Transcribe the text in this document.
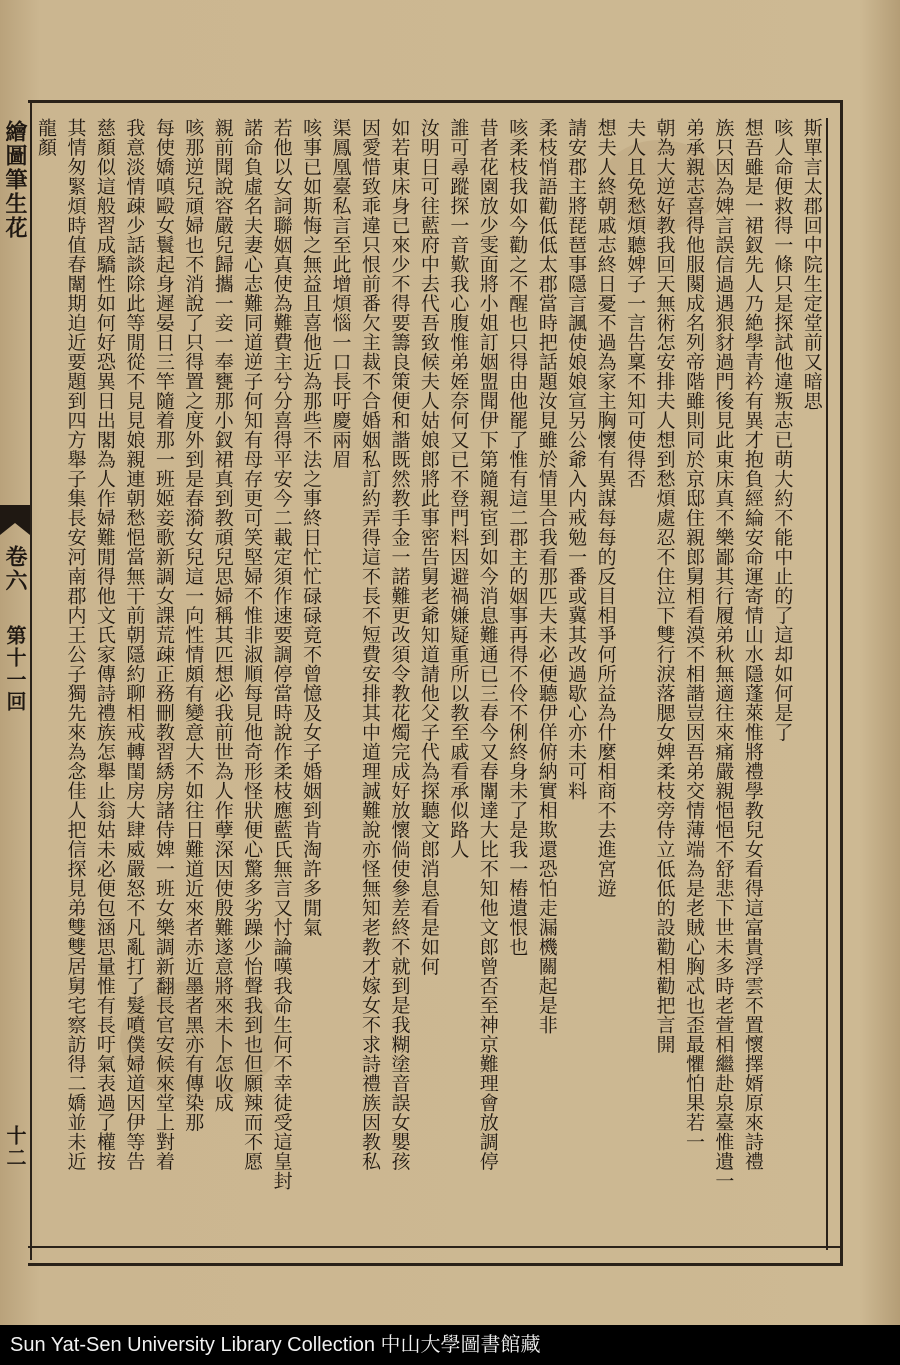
繪圖筆生花
卷六
第十一回
十二
斯單言太郡回中院生定堂前又暗思
咳人命便救得一條只是探試他違叛志已萌大約不能中止的了這却如何是了
想吾雖是一裙釵先人乃絶學青衿有異才抱負經綸安命運寄情山水隱蓬萊惟將禮學教兒女看得這富貴浮雲不置懷擇婿原來詩禮
族只因為婢言誤信過遇狠豺過門後見此東床真不樂鄙其行履弟秋無適往來痛嚴親悒悒不舒悲下世未多時老萱相繼赴泉臺惟遺一
弟承親志喜得他服闋成名列帝階雖則同於京邸住親郎舅相看漠不相諧豈因吾弟交情薄端為是老賊心胸忒也歪最懼怕果若一
朝為大逆好教我回天無術怎安排夫人想到愁煩處忍不住泣下雙行淚落腮女婢柔枝旁侍立低低的設勸相勸把言開
夫人且免愁煩聽婢子一言告稟不知可使得否
想夫人終朝戚志終日憂不過為家主胸懷有異謀每每的反目相爭何所益為什麼相商不去進宮遊
請安郡主將琵琶事隱言諷使娘娘宣另公爺入内戒勉一番或冀其改過歇心亦未可料
柔枝悄語勸低低太郡當時把話題汝見雖於情里合我看那匹夫未必便聽伊佯俯納實相欺還恐怕走漏機關起是非
咳柔枝我如今勸之不醒也只得由他罷了惟有這二郡主的姻事再得不伶不俐終身未了是我一樁遺恨也
昔者花園放少雯面將小姐訂姻盟聞伊下第隨親宦到如今消息難通已三春今又春闈達大比不知他文郎曾否至神京難理會放調停
誰可尋蹤探一音歎我心腹惟弟姪奈何又已不登門料因避禍嫌疑重所以教至戚看承似路人
汝明日可往藍府中去代吾致候夫人姑娘郎將此事密告舅老爺知道請他父子代為探聽文郎消息看是如何
如若東床身已來少不得要籌良策便和諧既然教手金一諾難更改須令教花燭完成好放懷倘使參差終不就到是我糊塗音誤女嬰孩
因愛惜致乖違只恨前番欠主裁不合婚姻私訂約弄得這不長不短費安排其中道理誠難說亦怪無知老教才嫁女不求詩禮族因教私
渠鳳凰臺私言至此增煩惱一口長吁慶兩眉
咳事已如斯悔之無益且喜他近為那些不法之事終日忙忙碌碌竟不曾憶及女子婚姻到肯淘許多閒氣
若他以女詞聯姻真使為難費主兮分喜得平安今二載定須作速要調停當時說作柔枝應藍氏無言又忖論嘆我命生何不幸徒受這皇封
諾命負虛名夫妻心志難同道逆子何知有母存更可笑堅婦不惟非淑順每見他奇形怪狀便心驚多劣躁少怡聲我到也但願辣而不愿
親前聞說容嚴兒歸攜一妾一奉甕那小釵裙真到教頑兒思婦稱其匹想必我前世為人作孽深因使殷難遂意將來未卜怎收成
咳那逆兒頑婦也不消說了只得置之度外到是春漪女兒這一向性情頗有變意大不如往日難道近來者赤近墨者黑亦有傳染那
每使嬌嗔毆女鬟起身遲晏日三竿隨着那一班姬妾歌新調女課荒疎正務刪教習綉房諸侍婢一班女樂調新翻長官安候來堂上對着
我意淡情疎少話談除此等閒從不見見娘親連朝愁悒當無干前朝隱約聊相戒轉閨房大肆威嚴怒不凡亂打了髮噴僕婦道因伊等告
慈顏似這般習成驕性如何好恐異日出閣為人作婦難閒得他文氏家傳詩禮族怎舉止翁姑未必便包涵思量惟有長吁氣表過了權按
其情匆緊煩時值春闈期迫近要題到四方舉子集長安河南郡内王公子獨先來為念佳人把信探見弟雙雙居舅宅察訪得二嬌並未近
龍顏
Sun Yat-Sen University Library Collection 中山大學圖書館藏
